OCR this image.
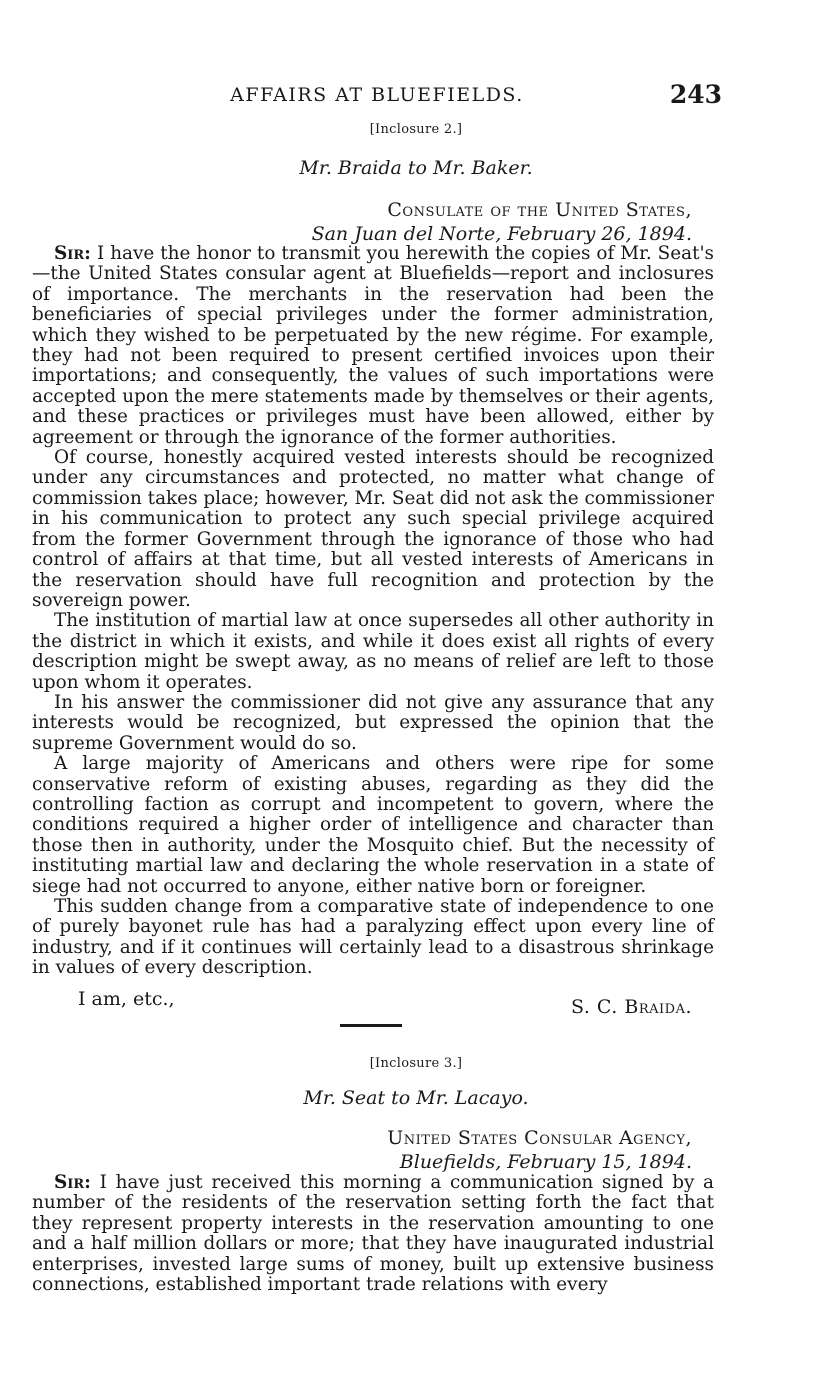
AFFAIRS AT BLUEFIELDS.	243
[Inclosure 2.]
Mr. Braida to Mr. Baker.
Consulate of the United States,
San Juan del Norte, February 26, 1894.

Sir: I have the honor to transmit you herewith the copies of Mr. Seat's—the United States consular agent at Bluefields—report and inclosures of importance. The merchants in the reservation had been the beneficiaries of special privileges under the former administration, which they wished to be perpetuated by the new régime. For example, they had not been required to present certified invoices upon their importations; and consequently, the values of such importations were accepted upon the mere statements made by themselves or their agents, and these practices or privileges must have been allowed, either by agreement or through the ignorance of the former authorities.

Of course, honestly acquired vested interests should be recognized under any circumstances and protected, no matter what change of commission takes place; however, Mr. Seat did not ask the commissioner in his communication to protect any such special privilege acquired from the former Government through the ignorance of those who had control of affairs at that time, but all vested interests of Americans in the reservation should have full recognition and protection by the sovereign power.

The institution of martial law at once supersedes all other authority in the district in which it exists, and while it does exist all rights of every description might be swept away, as no means of relief are left to those upon whom it operates.

In his answer the commissioner did not give any assurance that any interests would be recognized, but expressed the opinion that the supreme Government would do so.

A large majority of Americans and others were ripe for some conservative reform of existing abuses, regarding as they did the controlling faction as corrupt and incompetent to govern, where the conditions required a higher order of intelligence and character than those then in authority, under the Mosquito chief. But the necessity of instituting martial law and declaring the whole reservation in a state of siege had not occurred to anyone, either native born or foreigner.

This sudden change from a comparative state of independence to one of purely bayonet rule has had a paralyzing effect upon every line of industry, and if it continues will certainly lead to a disastrous shrinkage in values of every description.

I am, etc.,	S. C. Braida.
[Inclosure 3.]
Mr. Seat to Mr. Lacayo.
United States Consular Agency,
Bluefields, February 15, 1894.

Sir: I have just received this morning a communication signed by a number of the residents of the reservation setting forth the fact that they represent property interests in the reservation amounting to one and a half million dollars or more; that they have inaugurated industrial enterprises, invested large sums of money, built up extensive business connections, established important trade relations with every
